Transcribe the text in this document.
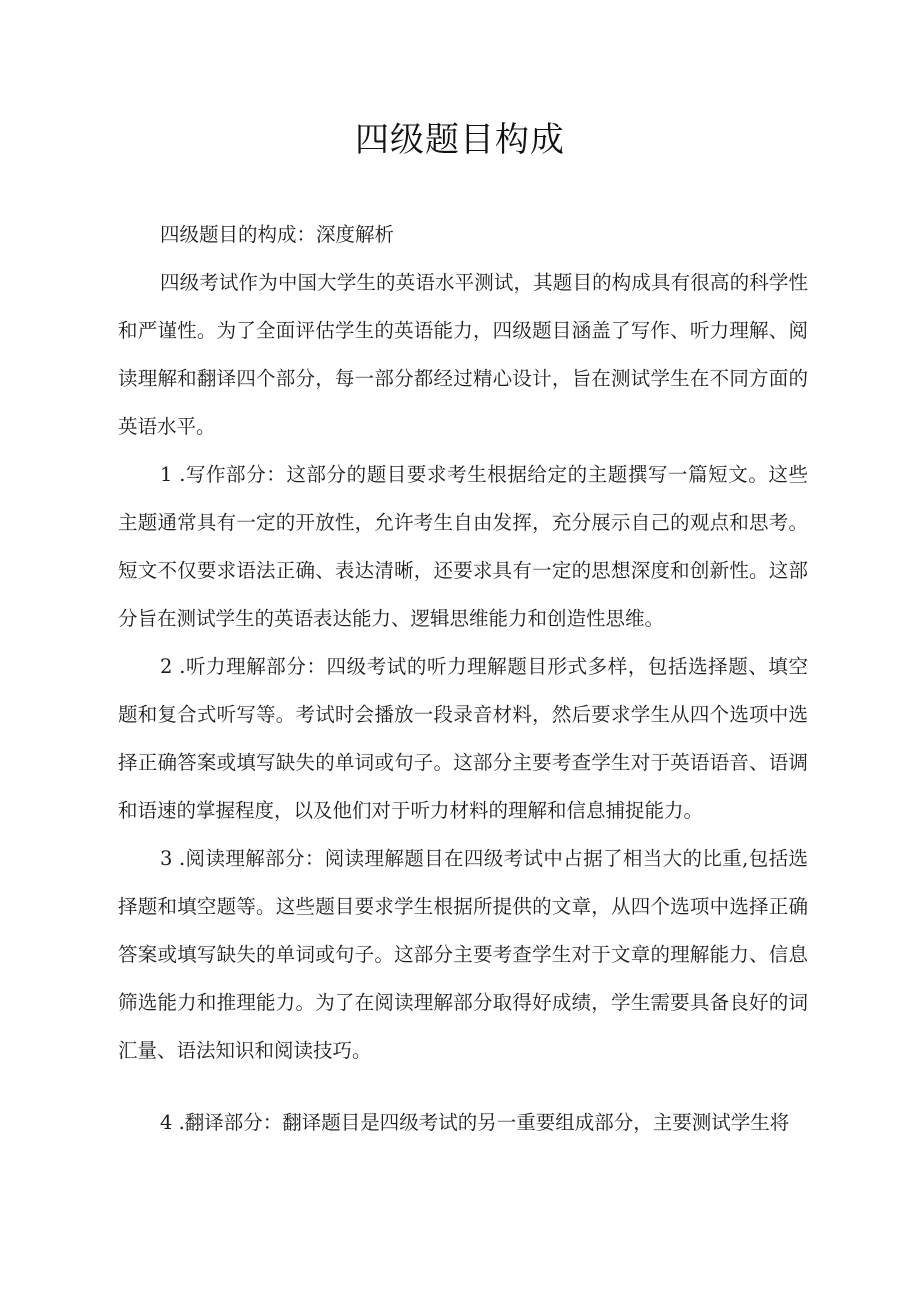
四级题目构成

四级题目的构成：深度解析

四级考试作为中国大学生的英语水平测试，其题目的构成具有很高的科学性和严谨性。为了全面评估学生的英语能力，四级题目涵盖了写作、听力理解、阅读理解和翻译四个部分，每一部分都经过精心设计，旨在测试学生在不同方面的英语水平。

1 .写作部分：这部分的题目要求考生根据给定的主题撰写一篇短文。这些主题通常具有一定的开放性，允许考生自由发挥，充分展示自己的观点和思考。短文不仅要求语法正确、表达清晰，还要求具有一定的思想深度和创新性。这部分旨在测试学生的英语表达能力、逻辑思维能力和创造性思维。

2 .听力理解部分：四级考试的听力理解题目形式多样，包括选择题、填空题和复合式听写等。考试时会播放一段录音材料，然后要求学生从四个选项中选择正确答案或填写缺失的单词或句子。这部分主要考查学生对于英语语音、语调和语速的掌握程度，以及他们对于听力材料的理解和信息捕捉能力。

3 .阅读理解部分：阅读理解题目在四级考试中占据了相当大的比重,包括选择题和填空题等。这些题目要求学生根据所提供的文章，从四个选项中选择正确答案或填写缺失的单词或句子。这部分主要考查学生对于文章的理解能力、信息筛选能力和推理能力。为了在阅读理解部分取得好成绩，学生需要具备良好的词汇量、语法知识和阅读技巧。

4 .翻译部分：翻译题目是四级考试的另一重要组成部分，主要测试学生将
